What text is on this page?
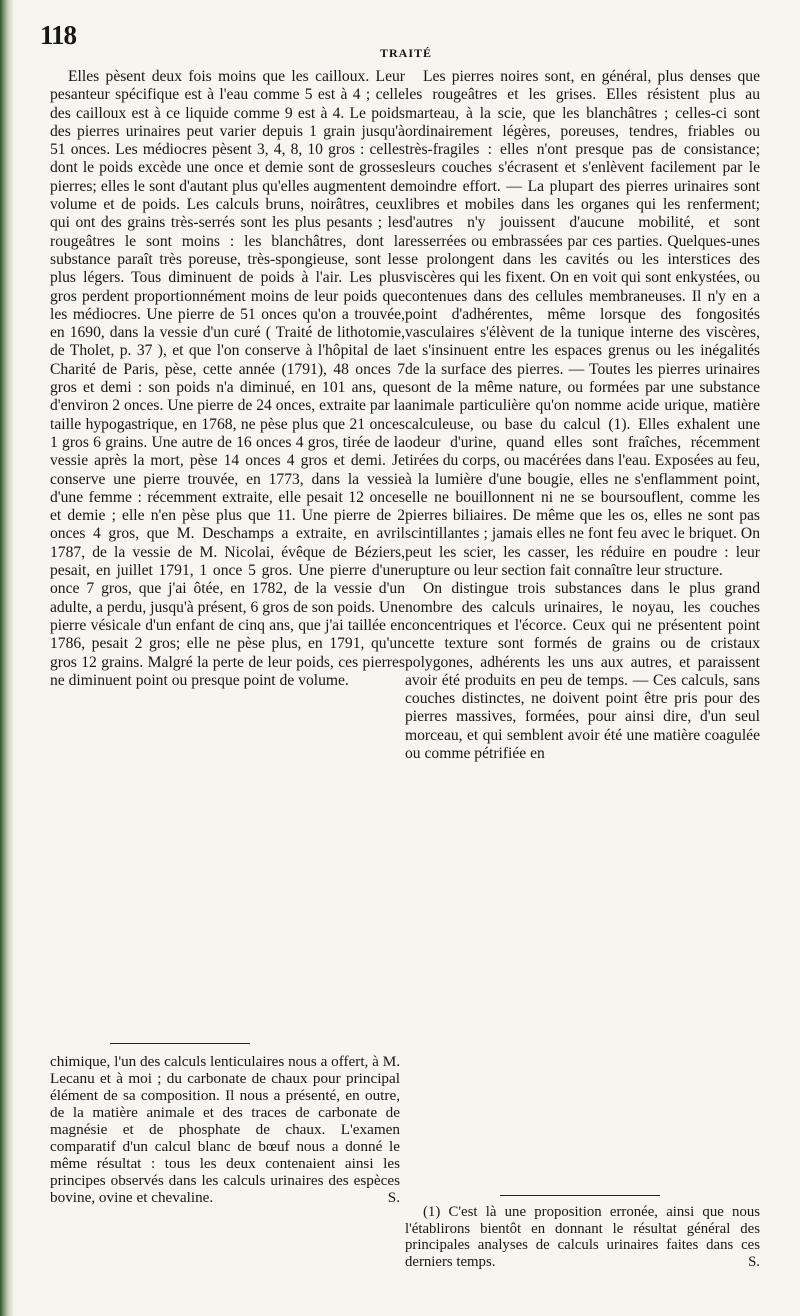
118
TRAITÉ

Elles pèsent deux fois moins que les cailloux. Leur pesanteur spécifique est à l'eau comme 5 est à 4 ; celle des cailloux est à ce liquide comme 9 est à 4. Le poids des pierres urinaires peut varier depuis 1 grain jusqu'à 51 onces. Les médiocres pèsent 3, 4, 8, 10 gros : celles dont le poids excède une once et demie sont de grosses pierres; elles le sont d'autant plus qu'elles augmentent de volume et de poids. Les calculs bruns, noirâtres, ceux qui ont des grains très-serrés sont les plus pesants ; les rougeâtres le sont moins : les blanchâtres, dont la substance paraît très poreuse, très-spongieuse, sont les plus légers. Tous diminuent de poids à l'air. Les plus gros perdent proportionnément moins de leur poids que les médiocres. Une pierre de 51 onces qu'on a trouvée, en 1690, dans la vessie d'un curé ( Traité de lithotomie, de Tholet, p. 37 ), et que l'on conserve à l'hôpital de la Charité de Paris, pèse, cette année (1791), 48 onces 7 gros et demi : son poids n'a diminué, en 101 ans, que d'environ 2 onces. Une pierre de 24 onces, extraite par la taille hypogastrique, en 1768, ne pèse plus que 21 onces 1 gros 6 grains. Une autre de 16 onces 4 gros, tirée de la vessie après la mort, pèse 14 onces 4 gros et demi. Je conserve une pierre trouvée, en 1773, dans la vessie d'une femme : récemment extraite, elle pesait 12 onces et demie ; elle n'en pèse plus que 11. Une pierre de 2 onces 4 gros, que M. Deschamps a extraite, en avril 1787, de la vessie de M. Nicolai, évêque de Béziers, pesait, en juillet 1791, 1 once 5 gros. Une pierre d'une once 7 gros, que j'ai ôtée, en 1782, de la vessie d'un adulte, a perdu, jusqu'à présent, 6 gros de son poids. Une pierre vésicale d'un enfant de cinq ans, que j'ai taillée en 1786, pesait 2 gros; elle ne pèse plus, en 1791, qu'un gros 12 grains. Malgré la perte de leur poids, ces pierres ne diminuent point ou presque point de volume.

chimique, l'un des calculs lenticulaires nous a offert, à M. Lecanu et à moi ; du carbonate de chaux pour principal élément de sa composition. Il nous a présenté, en outre, de la matière animale et des traces de carbonate de magnésie et de phosphate de chaux. L'examen comparatif d'un calcul blanc de bœuf nous a donné le même résultat : tous les deux contenaient ainsi les principes observés dans les calculs urinaires des espèces bovine, ovine et chevaline.	S.

Les pierres noires sont, en général, plus denses que les rougeâtres et les grises. Elles résistent plus au marteau, à la scie, que les blanchâtres ; celles-ci sont ordinairement légères, poreuses, tendres, friables ou très-fragiles : elles n'ont presque pas de consistance; leurs couches s'écrasent et s'enlèvent facilement par le moindre effort. — La plupart des pierres urinaires sont libres et mobiles dans les organes qui les renferment; d'autres n'y jouissent d'aucune mobilité, et sont resserrées ou embrassées par ces parties. Quelques-unes se prolongent dans les cavités ou les interstices des viscères qui les fixent. On en voit qui sont enkystées, ou contenues dans des cellules membraneuses. Il n'y en a point d'adhérentes, même lorsque des fongosités vasculaires s'élèvent de la tunique interne des viscères, et s'insinuent entre les espaces grenus ou les inégalités de la surface des pierres. — Toutes les pierres urinaires sont de la même nature, ou formées par une substance animale particulière qu'on nomme acide urique, matière calculeuse, ou base du calcul (1). Elles exhalent une odeur d'urine, quand elles sont fraîches, récemment tirées du corps, ou macérées dans l'eau. Exposées au feu, à la lumière d'une bougie, elles ne s'enflamment point, elle ne bouillonnent ni ne se boursouflent, comme les pierres biliaires. De même que les os, elles ne sont pas scintillantes ; jamais elles ne font feu avec le briquet. On peut les scier, les casser, les réduire en poudre : leur rupture ou leur section fait connaître leur structure.

On distingue trois substances dans le plus grand nombre des calculs urinaires, le noyau, les couches concentriques et l'écorce. Ceux qui ne présentent point cette texture sont formés de grains ou de cristaux polygones, adhérents les uns aux autres, et paraissent avoir été produits en peu de temps. — Ces calculs, sans couches distinctes, ne doivent point être pris pour des pierres massives, formées, pour ainsi dire, d'un seul morceau, et qui semblent avoir été une matière coagulée ou comme pétrifiée en

(1) C'est là une proposition erronée, ainsi que nous l'établirons bientôt en donnant le résultat général des principales analyses de calculs urinaires faites dans ces derniers temps.	S.
